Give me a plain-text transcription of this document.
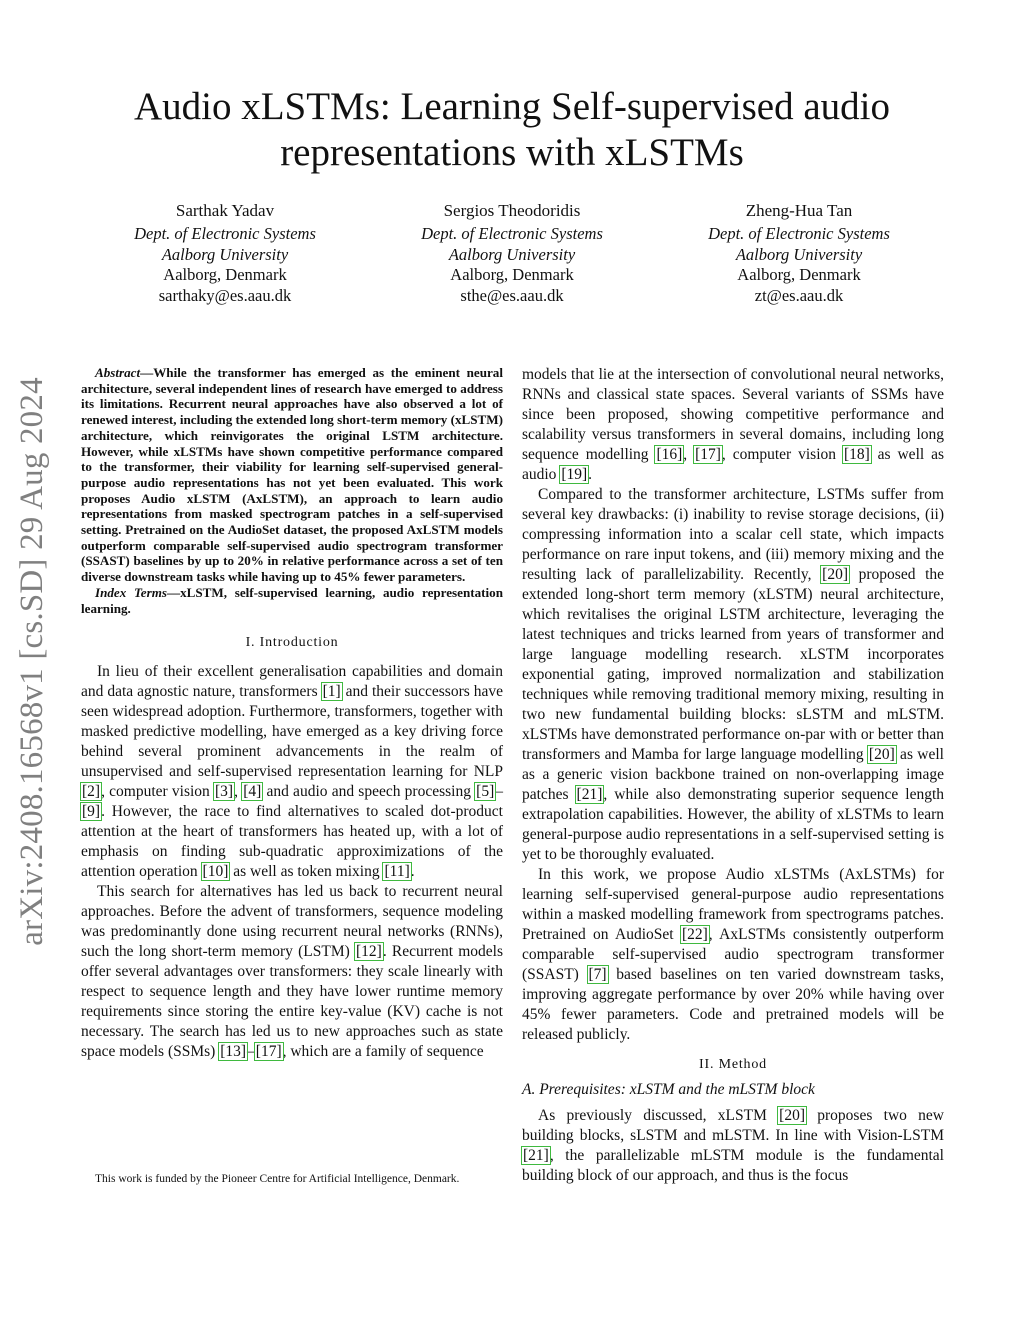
arXiv:2408.16568v1 [cs.SD] 29 Aug 2024
Audio xLSTMs: Learning Self-supervised audio
representations with xLSTMs
Sarthak Yadav
Dept. of Electronic Systems
Aalborg University
Aalborg, Denmark
sarthaky@es.aau.dk
Sergios Theodoridis
Dept. of Electronic Systems
Aalborg University
Aalborg, Denmark
sthe@es.aau.dk
Zheng-Hua Tan
Dept. of Electronic Systems
Aalborg University
Aalborg, Denmark
zt@es.aau.dk

Abstract—While the transformer has emerged as the eminent neural architecture, several independent lines of research have emerged to address its limitations. Recurrent neural approaches have also observed a lot of renewed interest, including the extended long short-term memory (xLSTM) architecture, which reinvigorates the original LSTM architecture. However, while xLSTMs have shown competitive performance compared to the transformer, their viability for learning self-supervised general-purpose audio representations has not yet been evaluated. This work proposes Audio xLSTM (AxLSTM), an approach to learn audio representations from masked spectrogram patches in a self-supervised setting. Pretrained on the AudioSet dataset, the proposed AxLSTM models outperform comparable self-supervised audio spectrogram transformer (SSAST) baselines by up to 20% in relative performance across a set of ten diverse downstream tasks while having up to 45% fewer parameters.

Index Terms—xLSTM, self-supervised learning, audio representation learning.

I. Introduction

In lieu of their excellent generalisation capabilities and domain and data agnostic nature, transformers [1] and their successors have seen widespread adoption. Furthermore, transformers, together with masked predictive modelling, have emerged as a key driving force behind several prominent advancements in the realm of unsupervised and self-supervised representation learning for NLP [2], computer vision [3], [4] and audio and speech processing [5]–[9]. However, the race to find alternatives to scaled dot-product attention at the heart of transformers has heated up, with a lot of emphasis on finding sub-quadratic approximizations of the attention operation [10] as well as token mixing [11].

This search for alternatives has led us back to recurrent neural approaches. Before the advent of transformers, sequence modeling was predominantly done using recurrent neural networks (RNNs), such the long short-term memory (LSTM) [12]. Recurrent models offer several advantages over transformers: they scale linearly with respect to sequence length and they have lower runtime memory requirements since storing the entire key-value (KV) cache is not necessary. The search has led us to new approaches such as state space models (SSMs) [13]–[17], which are a family of sequence

This work is funded by the Pioneer Centre for Artificial Intelligence, Denmark.

models that lie at the intersection of convolutional neural networks, RNNs and classical state spaces. Several variants of SSMs have since been proposed, showing competitive performance and scalability versus transformers in several domains, including long sequence modelling [16], [17], computer vision [18] as well as audio [19].

Compared to the transformer architecture, LSTMs suffer from several key drawbacks: (i) inability to revise storage decisions, (ii) compressing information into a scalar cell state, which impacts performance on rare input tokens, and (iii) memory mixing and the resulting lack of parallelizability. Recently, [20] proposed the extended long-short term memory (xLSTM) neural architecture, which revitalises the original LSTM architecture, leveraging the latest techniques and tricks learned from years of transformer and large language modelling research. xLSTM incorporates exponential gating, improved normalization and stabilization techniques while removing traditional memory mixing, resulting in two new fundamental building blocks: sLSTM and mLSTM. xLSTMs have demonstrated performance on-par with or better than transformers and Mamba for large language modelling [20] as well as a generic vision backbone trained on non-overlapping image patches [21], while also demonstrating superior sequence length extrapolation capabilities. However, the ability of xLSTMs to learn general-purpose audio representations in a self-supervised setting is yet to be thoroughly evaluated.

In this work, we propose Audio xLSTMs (AxLSTMs) for learning self-supervised general-purpose audio representations within a masked modelling framework from spectrograms patches. Pretrained on AudioSet [22], AxLSTMs consistently outperform comparable self-supervised audio spectrogram transformer (SSAST) [7] based baselines on ten varied downstream tasks, improving aggregate performance by over 20% while having over 45% fewer parameters. Code and pretrained models will be released publicly.

II. Method
A. Prerequisites: xLSTM and the mLSTM block

As previously discussed, xLSTM [20] proposes two new building blocks, sLSTM and mLSTM. In line with Vision-LSTM [21], the parallelizable mLSTM module is the fundamental building block of our approach, and thus is the focus
